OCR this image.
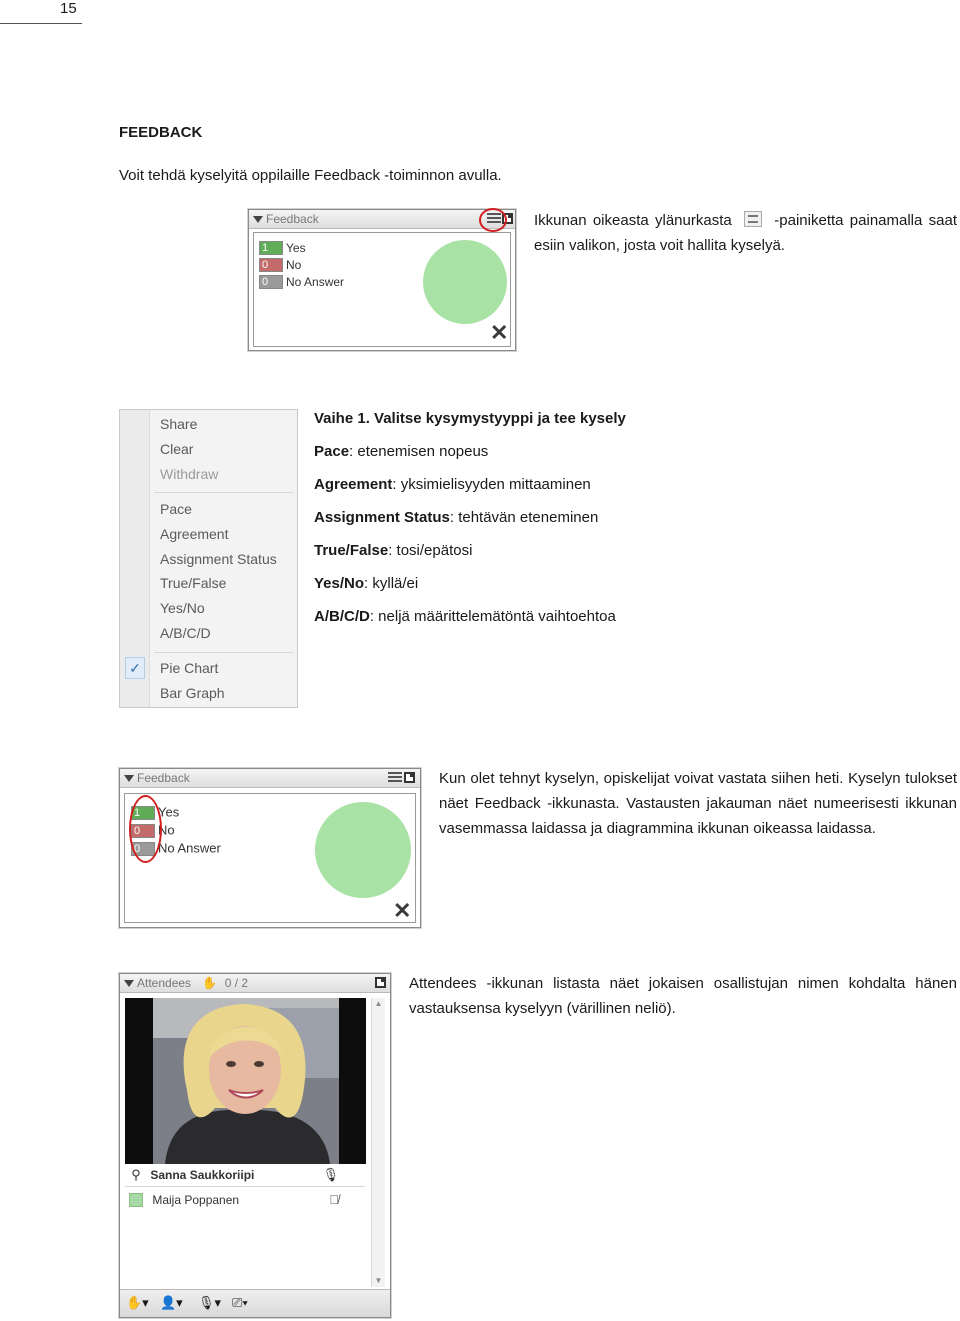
15
FEEDBACK
Voit tehdä kyselyitä oppilaille Feedback -toiminnon avulla.
Feedback
1 Yes
0 No
0 No Answer
✕
Ikkunan oikeasta ylänurkasta	-painiketta painamalla saat esiin valikon, josta voit hallita kyselyä.
Share
Clear
Withdraw
Pace
Agreement
Assignment Status
True/False
Yes/No
A/B/C/D
✓ Pie Chart
Bar Graph
Vaihe 1. Valitse kysymystyyppi ja tee kysely
Pace: etenemisen nopeus
Agreement: yksimielisyyden mittaaminen
Assignment Status: tehtävän eteneminen
True/False: tosi/epätosi
Yes/No: kyllä/ei
A/B/C/D: neljä määrittelemätöntä vaihtoehtoa
Feedback
1 Yes
0 No
0 No Answer
✕
Kun olet tehnyt kyselyn, opiskelijat voivat vastata siihen heti. Kyselyn tulokset näet Feedback -ikkunasta. Vastausten jakauman näet numeerisesti ikkunan vasemmassa laidassa ja diagrammina ikkunan oikeassa laidassa.
Attendees ✋ 0 / 2
▲
▼
⚲ Sanna Saukkoriipi	🎙
Maija Poppanen	🎙̸
✋▾ 👤▾ 🎙▾ ⎚▾
Attendees -ikkunan listasta näet jokaisen osallistujan nimen kohdalta hänen vastauksensa kyselyyn (värillinen neliö).
